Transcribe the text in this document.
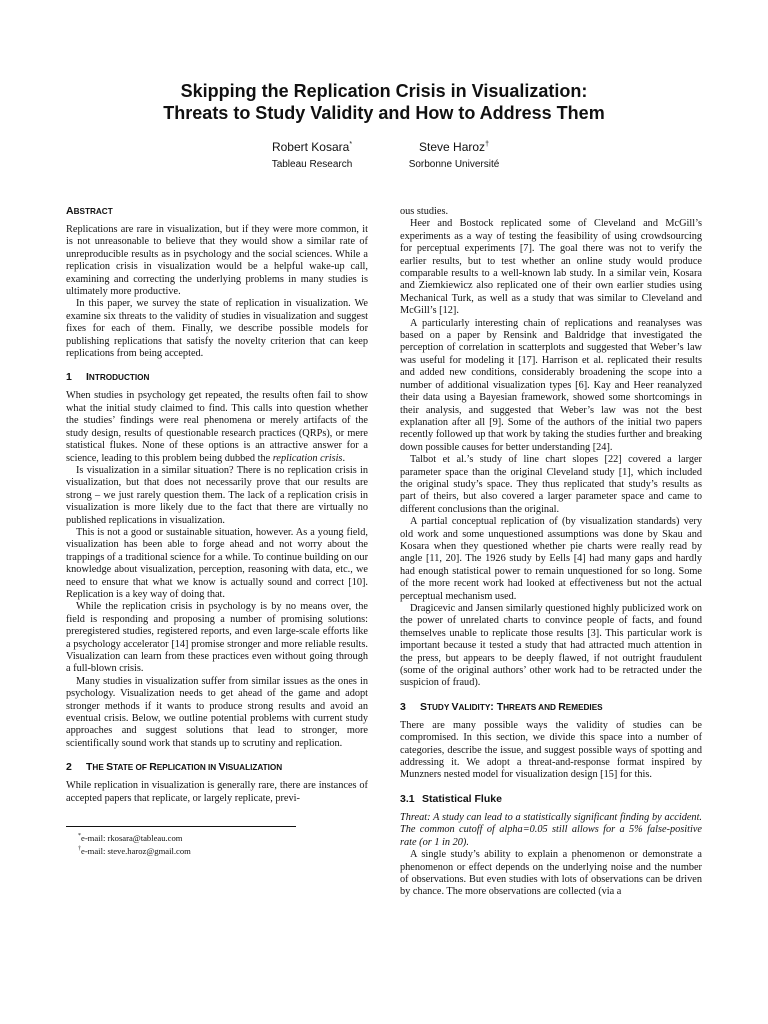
Skipping the Replication Crisis in Visualization:
Threats to Study Validity and How to Address Them
Robert Kosara*
Tableau Research
Steve Haroz†
Sorbonne Université
ABSTRACT

Replications are rare in visualization, but if they were more common, it is not unreasonable to believe that they would show a similar rate of unreproducible results as in psychology and the social sciences. While a replication crisis in visualization would be a helpful wake-up call, examining and correcting the underlying problems in many studies is ultimately more productive.

In this paper, we survey the state of replication in visualization. We examine six threats to the validity of studies in visualization and suggest fixes for each of them. Finally, we describe possible models for publishing replications that satisfy the novelty criterion that can keep replications from being accepted.

1 INTRODUCTION

When studies in psychology get repeated, the results often fail to show what the initial study claimed to find. This calls into question whether the studies’ findings were real phenomena or merely artifacts of the study design, results of questionable research practices (QRPs), or mere statistical flukes. None of these options is an attractive answer for a science, leading to this problem being dubbed the replication crisis.

Is visualization in a similar situation? There is no replication crisis in visualization, but that does not necessarily prove that our results are strong – we just rarely question them. The lack of a replication crisis in visualization is more likely due to the fact that there are virtually no published replications in visualization.

This is not a good or sustainable situation, however. As a young field, visualization has been able to forge ahead and not worry about the trappings of a traditional science for a while. To continue building on our knowledge about visualization, perception, reasoning with data, etc., we need to ensure that what we know is actually sound and correct [10]. Replication is a key way of doing that.

While the replication crisis in psychology is by no means over, the field is responding and proposing a number of promising solutions: preregistered studies, registered reports, and even large-scale efforts like a psychology accelerator [14] promise stronger and more reliable results. Visualization can learn from these practices even without going through a full-blown crisis.

Many studies in visualization suffer from similar issues as the ones in psychology. Visualization needs to get ahead of the game and adopt stronger methods if it wants to produce strong results and avoid an eventual crisis. Below, we outline potential problems with current study approaches and suggest solutions that lead to stronger, more scientifically sound work that stands up to scrutiny and replication.

2 THE STATE OF REPLICATION IN VISUALIZATION

While replication in visualization is generally rare, there are instances of accepted papers that replicate, or largely replicate, previ-

*e-mail: rkosara@tableau.com
†e-mail: steve.haroz@gmail.com

ous studies.

Heer and Bostock replicated some of Cleveland and McGill’s experiments as a way of testing the feasibility of using crowdsourcing for perceptual experiments [7]. The goal there was not to verify the earlier results, but to test whether an online study would produce comparable results to a well-known lab study. In a similar vein, Kosara and Ziemkiewicz also replicated one of their own earlier studies using Mechanical Turk, as well as a study that was similar to Cleveland and McGill’s [12].

A particularly interesting chain of replications and reanalyses was based on a paper by Rensink and Baldridge that investigated the perception of correlation in scatterplots and suggested that Weber’s law was useful for modeling it [17]. Harrison et al. replicated their results and added new conditions, considerably broadening the scope into a number of additional visualization types [6]. Kay and Heer reanalyzed their data using a Bayesian framework, showed some shortcomings in their analysis, and suggested that Weber’s law was not the best explanation after all [9]. Some of the authors of the initial two papers recently followed up that work by taking the studies further and breaking down possible causes for better understanding [24].

Talbot et al.’s study of line chart slopes [22] covered a larger parameter space than the original Cleveland study [1], which included the original study’s space. They thus replicated that study’s results as part of theirs, but also covered a larger parameter space and came to different conclusions than the original.

A partial conceptual replication of (by visualization standards) very old work and some unquestioned assumptions was done by Skau and Kosara when they questioned whether pie charts were really read by angle [11, 20]. The 1926 study by Eells [4] had many gaps and hardly had enough statistical power to remain unquestioned for so long. Some of the more recent work had looked at effectiveness but not the actual perceptual mechanism used.

Dragicevic and Jansen similarly questioned highly publicized work on the power of unrelated charts to convince people of facts, and found themselves unable to replicate those results [3]. This particular work is important because it tested a study that had attracted much attention in the press, but appears to be deeply flawed, if not outright fraudulent (some of the original authors’ other work had to be retracted under the suspicion of fraud).

3 STUDY VALIDITY: THREATS AND REMEDIES

There are many possible ways the validity of studies can be compromised. In this section, we divide this space into a number of categories, describe the issue, and suggest possible ways of spotting and addressing it. We adopt a threat-and-response format inspired by Munzners nested model for visualization design [15] for this.

3.1 Statistical Fluke

Threat: A study can lead to a statistically significant finding by accident. The common cutoff of alpha=0.05 still allows for a 5% false-positive rate (or 1 in 20).

A single study’s ability to explain a phenomenon or demonstrate a phenomenon or effect depends on the underlying noise and the number of observations. But even studies with lots of observations can be driven by chance. The more observations are collected (via a
